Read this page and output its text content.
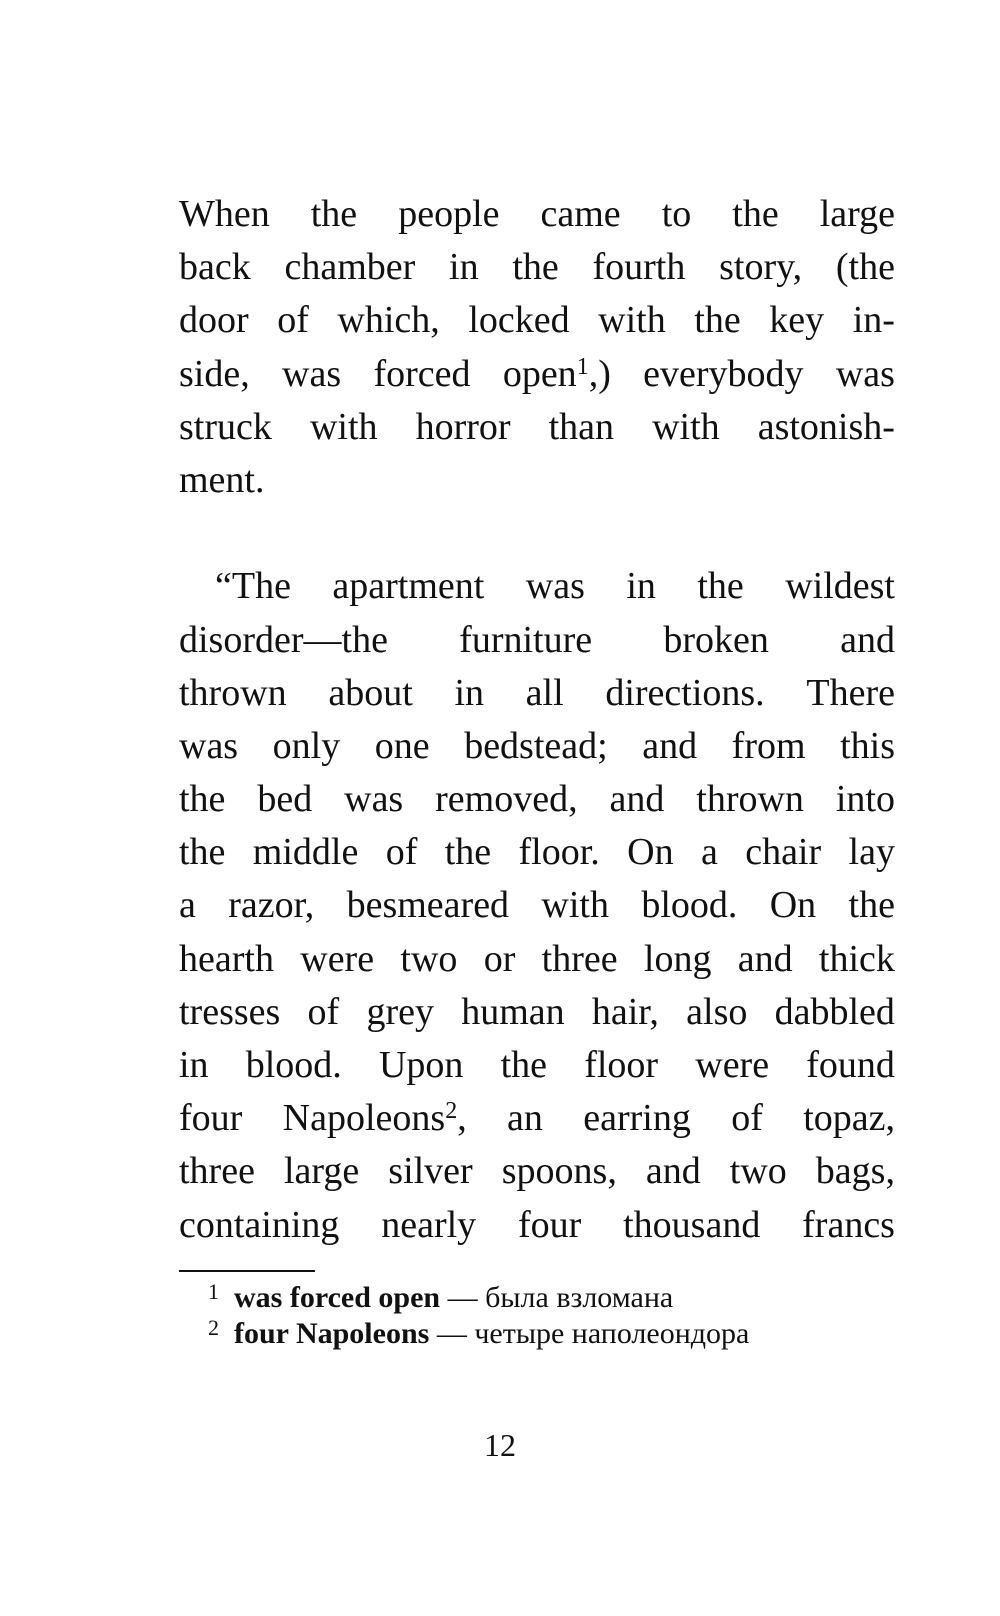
When the people came to the large
back chamber in the fourth story, (the
door of which, locked with the key in-
side, was forced open$^1$,) everybody was
struck with horror than with astonish-
ment.
“The apartment was in the wildest
disorder—the furniture broken and
thrown about in all directions. There
was only one bedstead; and from this
the bed was removed, and thrown into
the middle of the floor. On a chair lay
a razor, besmeared with blood. On the
hearth were two or three long and thick
tresses of grey human hair, also dabbled
in blood. Upon the floor were found
four Napoleons$^2$, an earring of topaz,
three large silver spoons, and two bags,
containing nearly four thousand francs
1 was forced open — была взломана
2 four Napoleons — четыре наполеондора
12
